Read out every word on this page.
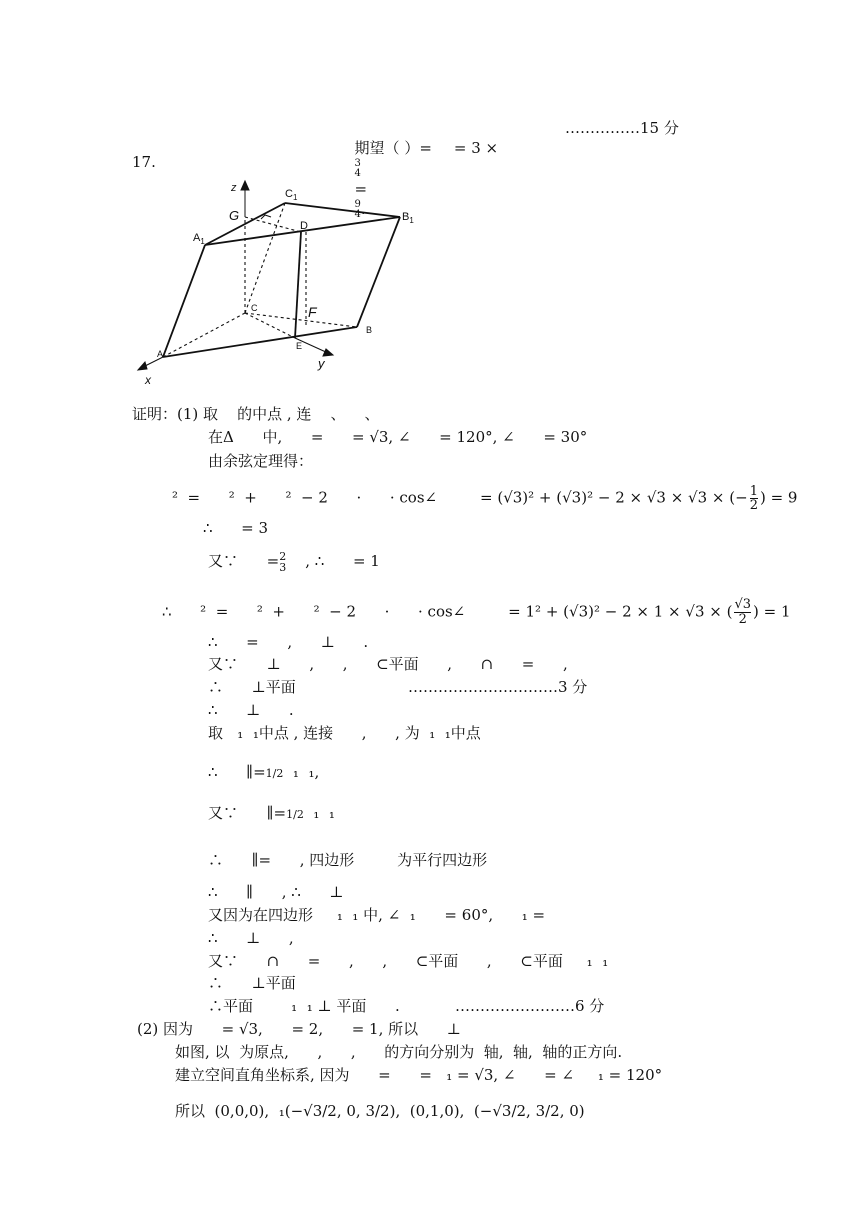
期望（ ）= = 3 ×

3
4

=

9
4 .

……………15 分
17.
z	$C_1$
G
D
$B_1$
$A_1$
C	F
B
E
A
y
x
证明：(1) 取    的中点 , 连    、    、
在Δ      中,      =      = √3, ∠      = 120°, ∠      = 30°
由余弦定理得：
²  =      ²  +      ²  − 2      ·      · cos∠         = (√3)² + (√3)² − 2 × √3 × √3 × (− $\frac{1}{2}$ ) = 9
∴      = 3
又∵      = 2
3 , ∴      = 1
∴      ²  =      ²  +      ²  − 2      ·      · cos∠         = 1² + (√3)² − 2 × 1 × √3 × ( $\frac{√3}{2}$ ) = 1
∴      =      ,      ⊥      .
又∵      ⊥      ,      ,      ⊂平面      ,      ∩      =      ,
∴      ⊥平面	…………………………3 分
∴      ⊥      .
取   ₁  ₁中点 , 连接      ,      , 为  ₁  ₁中点
∴      ∥=1/2  ₁  ₁,
又∵      ∥=1/2  ₁  ₁
∴      ∥=      , 四边形         为平行四边形
∴      ∥      , ∴      ⊥
又因为在四边形     ₁  ₁ 中, ∠  ₁      = 60°,      ₁ =
∴      ⊥      ,
又∵      ∩      =      ,      ,      ⊂平面      ,      ⊂平面     ₁  ₁
∴      ⊥平面
∴平面        ₁  ₁ ⊥ 平面      .	……………………6 分
(2) 因为      = √3,      = 2,      = 1, 所以      ⊥
如图, 以  为原点,      ,      ,      的方向分别为  轴,  轴,  轴的正方向.
建立空间直角坐标系, 因为      =      =   ₁ = √3, ∠      = ∠     ₁ = 120°
所以  (0,0,0),  ₁(−√3/2, 0, 3/2),  (0,1,0),  (−√3/2, 3/2, 0)
